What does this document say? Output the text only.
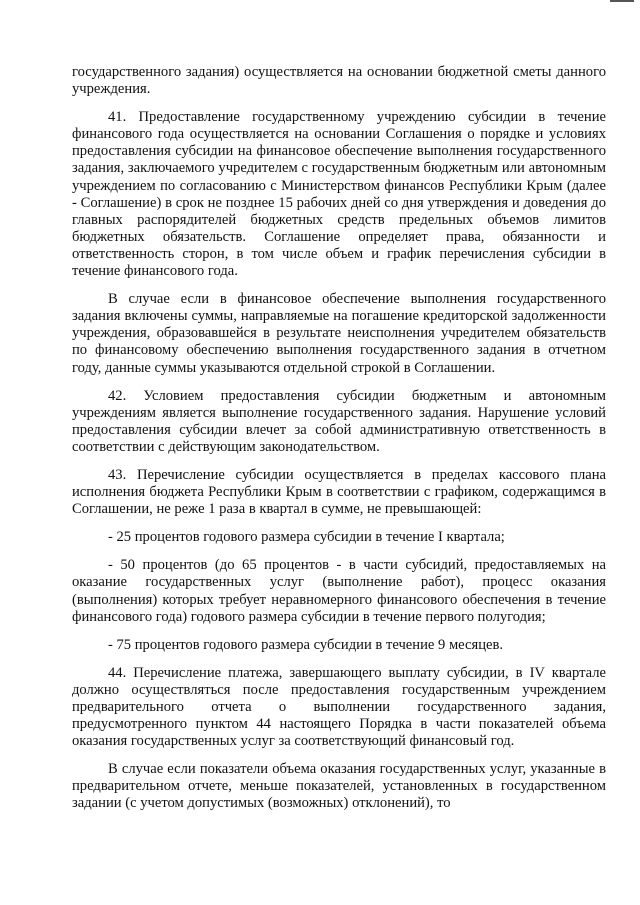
государственного задания) осуществляется на основании бюджетной сметы данного учреждения.

41. Предоставление государственному учреждению субсидии в течение финансового года осуществляется на основании Соглашения о порядке и условиях предоставления субсидии на финансовое обеспечение выполнения государственного задания, заключаемого учредителем с государственным бюджетным или автономным учреждением по согласованию с Министерством финансов Республики Крым (далее - Соглашение) в срок не позднее 15 рабочих дней со дня утверждения и доведения до главных распорядителей бюджетных средств предельных объемов лимитов бюджетных обязательств. Соглашение определяет права, обязанности и ответственность сторон, в том числе объем и график перечисления субсидии в течение финансового года.

В случае если в финансовое обеспечение выполнения государственного задания включены суммы, направляемые на погашение кредиторской задолженности учреждения, образовавшейся в результате неисполнения учредителем обязательств по финансовому обеспечению выполнения государственного задания в отчетном году, данные суммы указываются отдельной строкой в Соглашении.

42. Условием предоставления субсидии бюджетным и автономным учреждениям является выполнение государственного задания. Нарушение условий предоставления субсидии влечет за собой административную ответственность в соответствии с действующим законодательством.

43. Перечисление субсидии осуществляется в пределах кассового плана исполнения бюджета Республики Крым в соответствии с графиком, содержащимся в Соглашении, не реже 1 раза в квартал в сумме, не превышающей:

- 25 процентов годового размера субсидии в течение I квартала;

- 50 процентов (до 65 процентов - в части субсидий, предоставляемых на оказание государственных услуг (выполнение работ), процесс оказания (выполнения) которых требует неравномерного финансового обеспечения в течение финансового года) годового размера субсидии в течение первого полугодия;

- 75 процентов годового размера субсидии в течение 9 месяцев.

44. Перечисление платежа, завершающего выплату субсидии, в IV квартале должно осуществляться после предоставления государственным учреждением предварительного отчета о выполнении государственного задания, предусмотренного пунктом 44 настоящего Порядка в части показателей объема оказания государственных услуг за соответствующий финансовый год.

В случае если показатели объема оказания государственных услуг, указанные в предварительном отчете, меньше показателей, установленных в государственном задании (с учетом допустимых (возможных) отклонений), то
